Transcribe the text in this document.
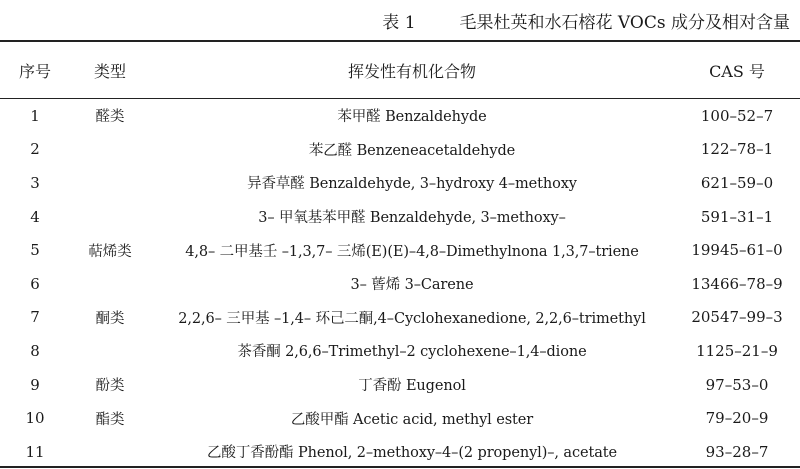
表 1	毛果杜英和水石榕花 VOCs 成分及相对含量
序号	类型	挥发性有机化合物	CAS 号
1	醛类	苯甲醛 Benzaldehyde	100–52–7
2		苯乙醛 Benzeneacetaldehyde	122–78–1
3		异香草醛 Benzaldehyde, 3–hydroxy 4–methoxy	621–59–0
4		3– 甲氧基苯甲醛 Benzaldehyde, 3–methoxy–	591–31–1
5	萜烯类	4,8– 二甲基壬 –1,3,7– 三烯(E)(E)–4,8–Dimethylnona 1,3,7–triene	19945–61–0
6		3– 蒈烯 3–Carene	13466–78–9
7	酮类	2,2,6– 三甲基 –1,4– 环己二酮,4–Cyclohexanedione, 2,2,6–trimethyl	20547–99–3
8		茶香酮 2,6,6–Trimethyl–2 cyclohexene–1,4–dione	1125–21–9
9	酚类	丁香酚 Eugenol	97–53–0
10	酯类	乙酸甲酯 Acetic acid, methyl ester	79–20–9
11		乙酸丁香酚酯 Phenol, 2–methoxy–4–(2 propenyl)–, acetate	93–28–7
